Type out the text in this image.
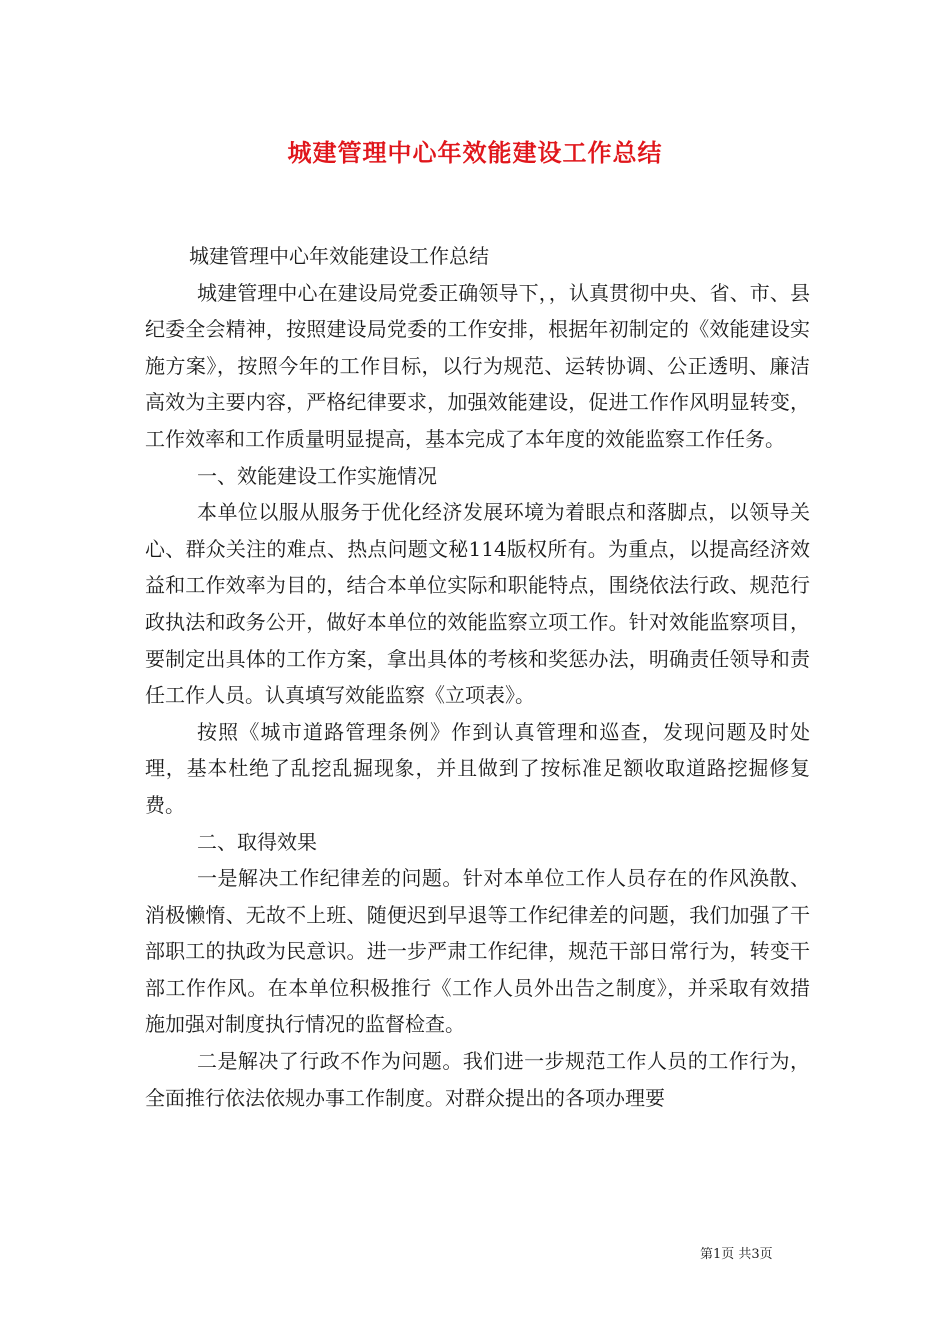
城建管理中心年效能建设工作总结

城建管理中心年效能建设工作总结

城建管理中心在建设局党委正确领导下，，认真贯彻中央、省、市、县纪委全会精神，按照建设局党委的工作安排，根据年初制定的《效能建设实施方案》，按照今年的工作目标，以行为规范、运转协调、公正透明、廉洁高效为主要内容，严格纪律要求，加强效能建设，促进工作作风明显转变，工作效率和工作质量明显提高，基本完成了本年度的效能监察工作任务。

一、效能建设工作实施情况

本单位以服从服务于优化经济发展环境为着眼点和落脚点，以领导关心、群众关注的难点、热点问题文秘114版权所有。为重点，以提高经济效益和工作效率为目的，结合本单位实际和职能特点，围绕依法行政、规范行政执法和政务公开，做好本单位的效能监察立项工作。针对效能监察项目，要制定出具体的工作方案，拿出具体的考核和奖惩办法，明确责任领导和责任工作人员。认真填写效能监察《立项表》。

按照《城市道路管理条例》作到认真管理和巡查，发现问题及时处理，基本杜绝了乱挖乱掘现象，并且做到了按标准足额收取道路挖掘修复费。

二、取得效果

一是解决工作纪律差的问题。针对本单位工作人员存在的作风涣散、消极懒惰、无故不上班、随便迟到早退等工作纪律差的问题，我们加强了干部职工的执政为民意识。进一步严肃工作纪律，规范干部日常行为，转变干部工作作风。在本单位积极推行《工作人员外出告之制度》，并采取有效措施加强对制度执行情况的监督检查。

二是解决了行政不作为问题。我们进一步规范工作人员的工作行为，全面推行依法依规办事工作制度。对群众提出的各项办理要

第1页 共3页
